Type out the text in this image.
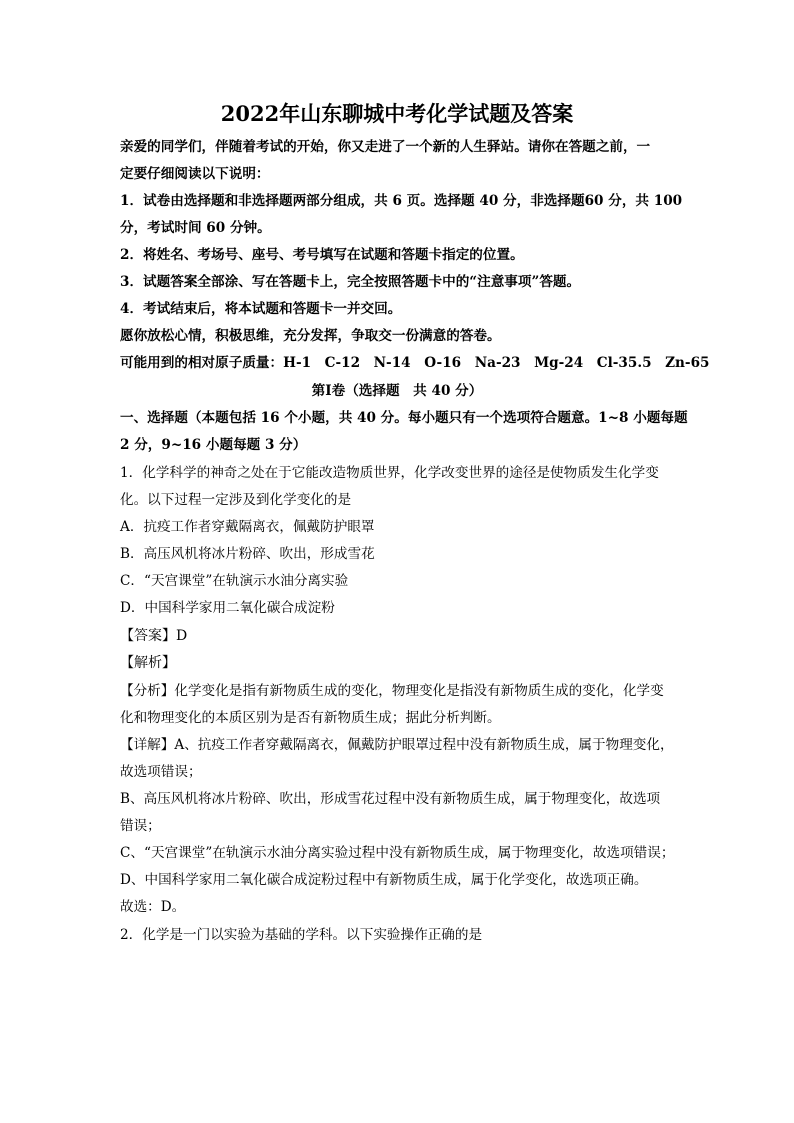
2022年山东聊城中考化学试题及答案
亲爱的同学们，伴随着考试的开始，你又走进了一个新的人生驿站。请你在答题之前，一
定要仔细阅读以下说明：
1．试卷由选择题和非选择题两部分组成，共 6 页。选择题 40 分，非选择题60 分，共 100
分，考试时间 60 分钟。
2．将姓名、考场号、座号、考号填写在试题和答题卡指定的位置。
3．试题答案全部涂、写在答题卡上，完全按照答题卡中的“注意事项”答题。
4．考试结束后，将本试题和答题卡一并交回。
愿你放松心情，积极思维，充分发挥，争取交一份满意的答卷。
可能用到的相对原子质量：H-1　C-12　N-14　O-16　Na-23　Mg-24　Cl-35.5　Zn-65
第Ⅰ卷（选择题　共 40 分）
一、选择题（本题包括 16 个小题，共 40 分。每小题只有一个选项符合题意。1~8 小题每题
2 分，9~16 小题每题 3 分）
1．化学科学的神奇之处在于它能改造物质世界，化学改变世界的途径是使物质发生化学变
化。以下过程一定涉及到化学变化的是
A．抗疫工作者穿戴隔离衣，佩戴防护眼罩
B．高压风机将冰片粉碎、吹出，形成雪花
C．“天宫课堂”在轨演示水油分离实验
D．中国科学家用二氧化碳合成淀粉
【答案】D
【解析】
【分析】化学变化是指有新物质生成的变化，物理变化是指没有新物质生成的变化，化学变
化和物理变化的本质区别为是否有新物质生成；据此分析判断。
【详解】A、抗疫工作者穿戴隔离衣，佩戴防护眼罩过程中没有新物质生成，属于物理变化，
故选项错误；
B、高压风机将冰片粉碎、吹出，形成雪花过程中没有新物质生成，属于物理变化，故选项
错误；
C、“天宫课堂”在轨演示水油分离实验过程中没有新物质生成，属于物理变化，故选项错误；
D、中国科学家用二氧化碳合成淀粉过程中有新物质生成，属于化学变化，故选项正确。
故选：D。
2．化学是一门以实验为基础的学科。以下实验操作正确的是
